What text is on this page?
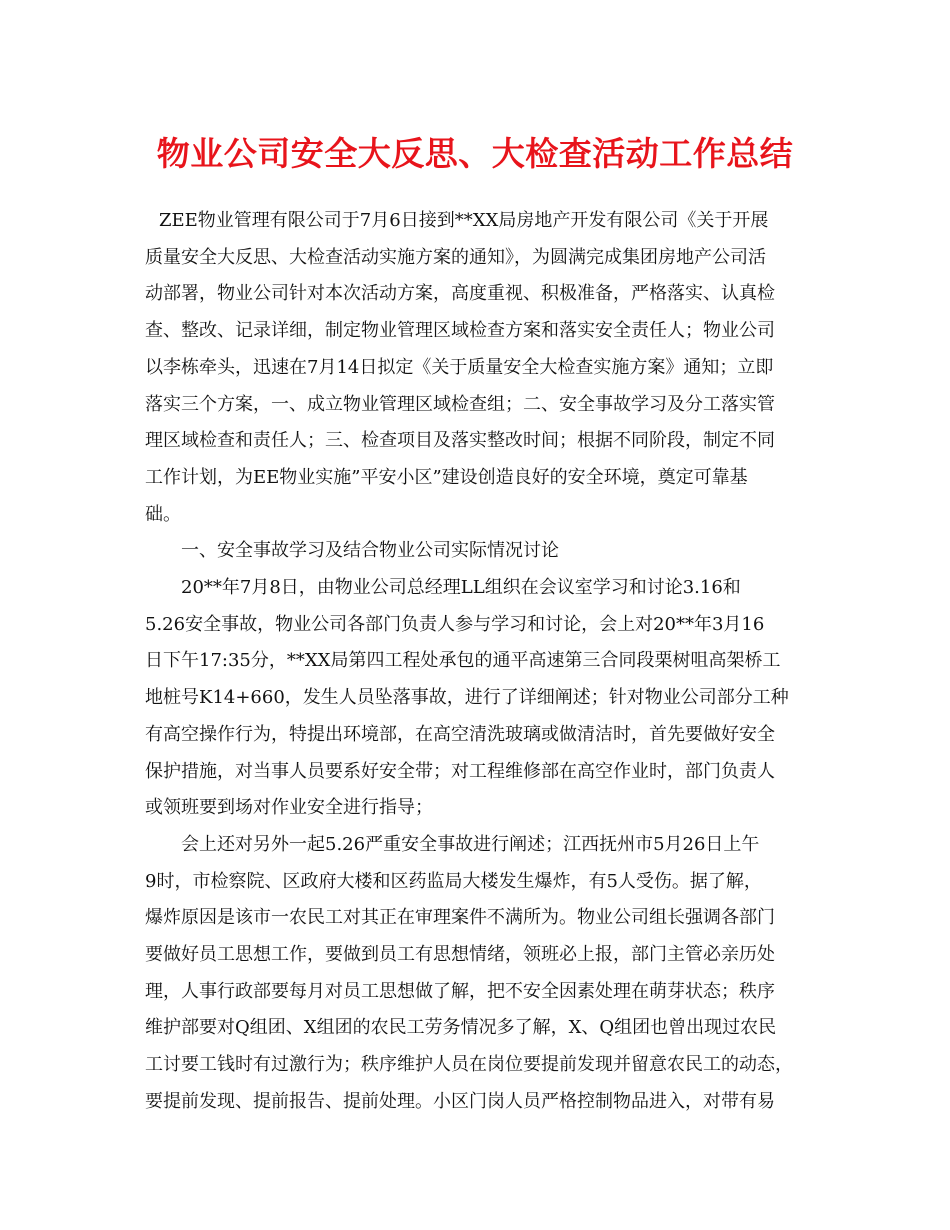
物业公司安全大反思、大检查活动工作总结

ZEE物业管理有限公司于7月6日接到**XX局房地产开发有限公司《关于开展
质量安全大反思、大检查活动实施方案的通知》，为圆满完成集团房地产公司活
动部署，物业公司针对本次活动方案，高度重视、积极准备，严格落实、认真检
查、整改、记录详细，制定物业管理区域检查方案和落实安全责任人；物业公司
以李栋牵头，迅速在7月14日拟定《关于质量安全大检查实施方案》通知；立即
落实三个方案，一、成立物业管理区域检查组；二、安全事故学习及分工落实管
理区域检查和责任人；三、检查项目及落实整改时间；根据不同阶段，制定不同
工作计划，为EE物业实施”平安小区”建设创造良好的安全环境，奠定可靠基
础。

一、安全事故学习及结合物业公司实际情况讨论

20**年7月8日，由物业公司总经理LL组织在会议室学习和讨论3.16和
5.26安全事故，物业公司各部门负责人参与学习和讨论，会上对20**年3月16
日下午17:35分，**XX局第四工程处承包的通平高速第三合同段栗树咀高架桥工
地桩号K14+660，发生人员坠落事故，进行了详细阐述；针对物业公司部分工种
有高空操作行为，特提出环境部，在高空清洗玻璃或做清洁时，首先要做好安全
保护措施，对当事人员要系好安全带；对工程维修部在高空作业时，部门负责人
或领班要到场对作业安全进行指导；

会上还对另外一起5.26严重安全事故进行阐述；江西抚州市5月26日上午
9时，市检察院、区政府大楼和区药监局大楼发生爆炸，有5人受伤。据了解，
爆炸原因是该市一农民工对其正在审理案件不满所为。物业公司组长强调各部门
要做好员工思想工作，要做到员工有思想情绪，领班必上报，部门主管必亲历处
理，人事行政部要每月对员工思想做了解，把不安全因素处理在萌芽状态；秩序
维护部要对Q组团、X组团的农民工劳务情况多了解，X、Q组团也曾出现过农民
工讨要工钱时有过激行为；秩序维护人员在岗位要提前发现并留意农民工的动态，
要提前发现、提前报告、提前处理。小区门岗人员严格控制物品进入，对带有易
